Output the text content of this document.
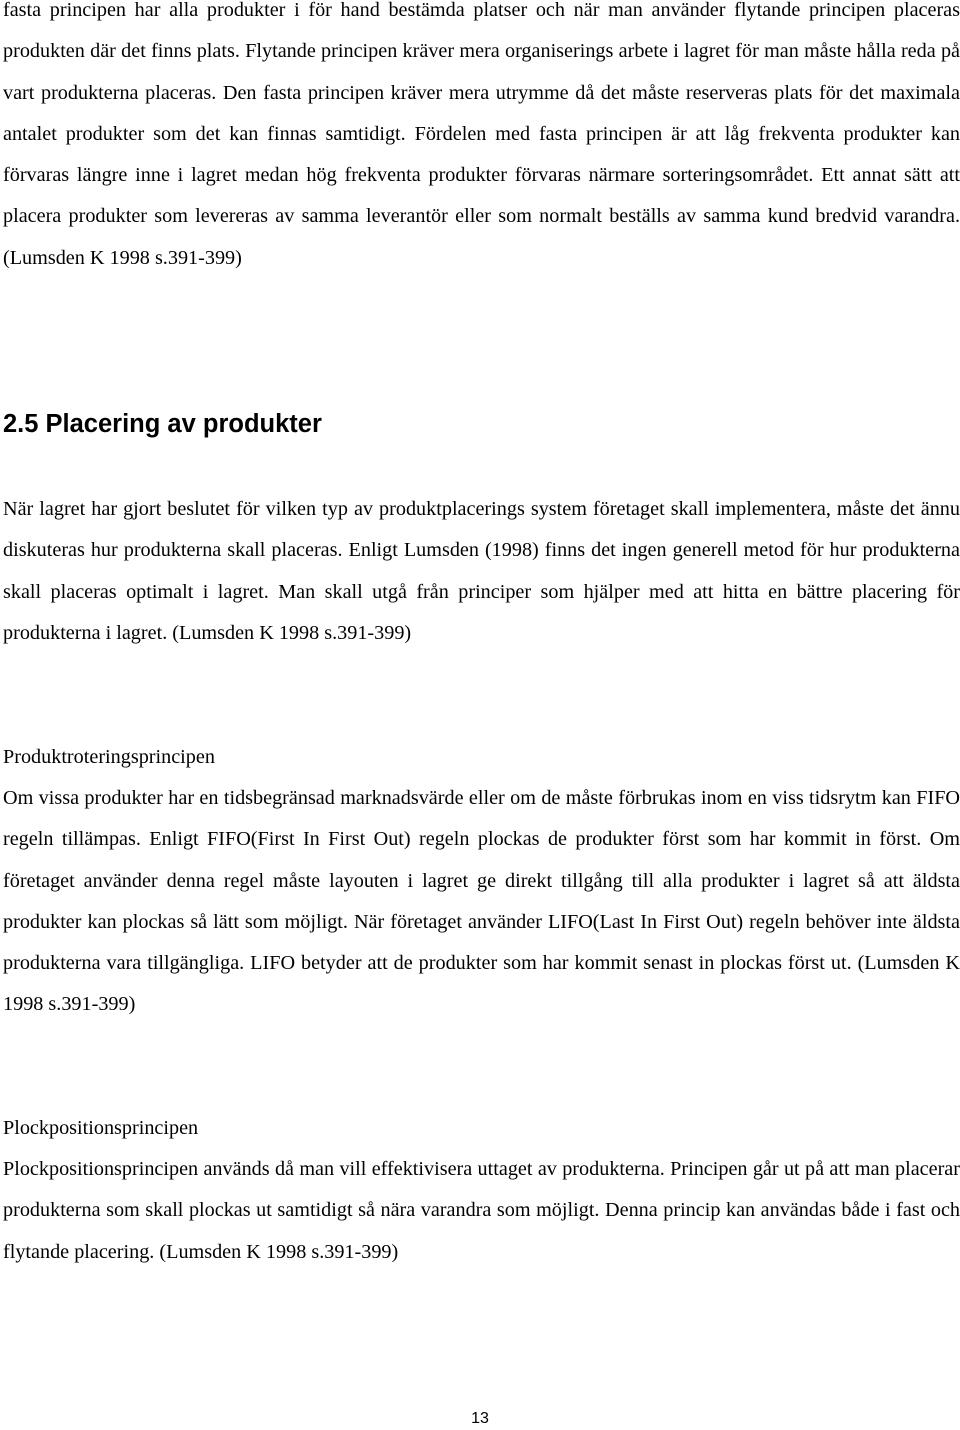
fasta principen har alla produkter i för hand bestämda platser och när man använder flytande principen placeras produkten där det finns plats. Flytande principen kräver mera organiserings arbete i lagret för man måste hålla reda på vart produkterna placeras. Den fasta principen kräver mera utrymme då det måste reserveras plats för det maximala antalet produkter som det kan finnas samtidigt. Fördelen med fasta principen är att låg frekventa produkter kan förvaras längre inne i lagret medan hög frekventa produkter förvaras närmare sorteringsområdet. Ett annat sätt att placera produkter som levereras av samma leverantör eller som normalt beställs av samma kund bredvid varandra. (Lumsden K 1998 s.391-399)

2.5 Placering av produkter

När lagret har gjort beslutet för vilken typ av produktplacerings system företaget skall implementera, måste det ännu diskuteras hur produkterna skall placeras. Enligt Lumsden (1998) finns det ingen generell metod för hur produkterna skall placeras optimalt i lagret. Man skall utgå från principer som hjälper med att hitta en bättre placering för produkterna i lagret. (Lumsden K 1998 s.391-399)

Produktroteringsprincipen

Om vissa produkter har en tidsbegränsad marknadsvärde eller om de måste förbrukas inom en viss tidsrytm kan FIFO regeln tillämpas. Enligt FIFO(First In First Out) regeln plockas de produkter först som har kommit in först. Om företaget använder denna regel måste layouten i lagret ge direkt tillgång till alla produkter i lagret så att äldsta produkter kan plockas så lätt som möjligt. När företaget använder LIFO(Last In First Out) regeln behöver inte äldsta produkterna vara tillgängliga. LIFO betyder att de produkter som har kommit senast in plockas först ut. (Lumsden K 1998 s.391-399)

Plockpositionsprincipen

Plockpositionsprincipen används då man vill effektivisera uttaget av produkterna. Principen går ut på att man placerar produkterna som skall plockas ut samtidigt så nära varandra som möjligt. Denna princip kan användas både i fast och flytande placering. (Lumsden K 1998 s.391-399)

13
